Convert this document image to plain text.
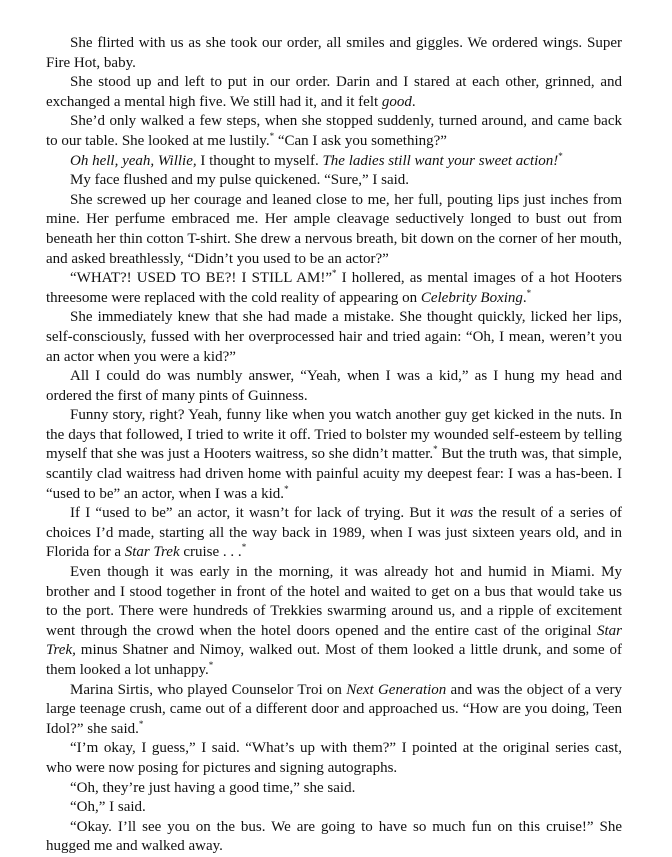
She flirted with us as she took our order, all smiles and giggles. We ordered wings. Super Fire Hot, baby.

She stood up and left to put in our order. Darin and I stared at each other, grinned, and exchanged a mental high five. We still had it, and it felt good.

She’d only walked a few steps, when she stopped suddenly, turned around, and came back to our table. She looked at me lustily.* “Can I ask you something?”

Oh hell, yeah, Willie, I thought to myself. The ladies still want your sweet action!*

My face flushed and my pulse quickened. “Sure,” I said.

She screwed up her courage and leaned close to me, her full, pouting lips just inches from mine. Her perfume embraced me. Her ample cleavage seductively longed to bust out from beneath her thin cotton T-shirt. She drew a nervous breath, bit down on the corner of her mouth, and asked breathlessly, “Didn’t you used to be an actor?”

“WHAT?! USED TO BE?! I STILL AM!”* I hollered, as mental images of a hot Hooters threesome were replaced with the cold reality of appearing on Celebrity Boxing.*

She immediately knew that she had made a mistake. She thought quickly, licked her lips, self-consciously, fussed with her overprocessed hair and tried again: “Oh, I mean, weren’t you an actor when you were a kid?”

All I could do was numbly answer, “Yeah, when I was a kid,” as I hung my head and ordered the first of many pints of Guinness.

Funny story, right? Yeah, funny like when you watch another guy get kicked in the nuts. In the days that followed, I tried to write it off. Tried to bolster my wounded self-esteem by telling myself that she was just a Hooters waitress, so she didn’t matter.* But the truth was, that simple, scantily clad waitress had driven home with painful acuity my deepest fear: I was a has-been. I “used to be” an actor, when I was a kid.*

If I “used to be” an actor, it wasn’t for lack of trying. But it was the result of a series of choices I’d made, starting all the way back in 1989, when I was just sixteen years old, and in Florida for a Star Trek cruise . . .*

Even though it was early in the morning, it was already hot and humid in Miami. My brother and I stood together in front of the hotel and waited to get on a bus that would take us to the port. There were hundreds of Trekkies swarming around us, and a ripple of excitement went through the crowd when the hotel doors opened and the entire cast of the original Star Trek, minus Shatner and Nimoy, walked out. Most of them looked a little drunk, and some of them looked a lot unhappy.*

Marina Sirtis, who played Counselor Troi on Next Generation and was the object of a very large teenage crush, came out of a different door and approached us. “How are you doing, Teen Idol?” she said.*

“I’m okay, I guess,” I said. “What’s up with them?” I pointed at the original series cast, who were now posing for pictures and signing autographs.

“Oh, they’re just having a good time,” she said.

“Oh,” I said.

“Okay. I’ll see you on the bus. We are going to have so much fun on this cruise!” She hugged me and walked away.
